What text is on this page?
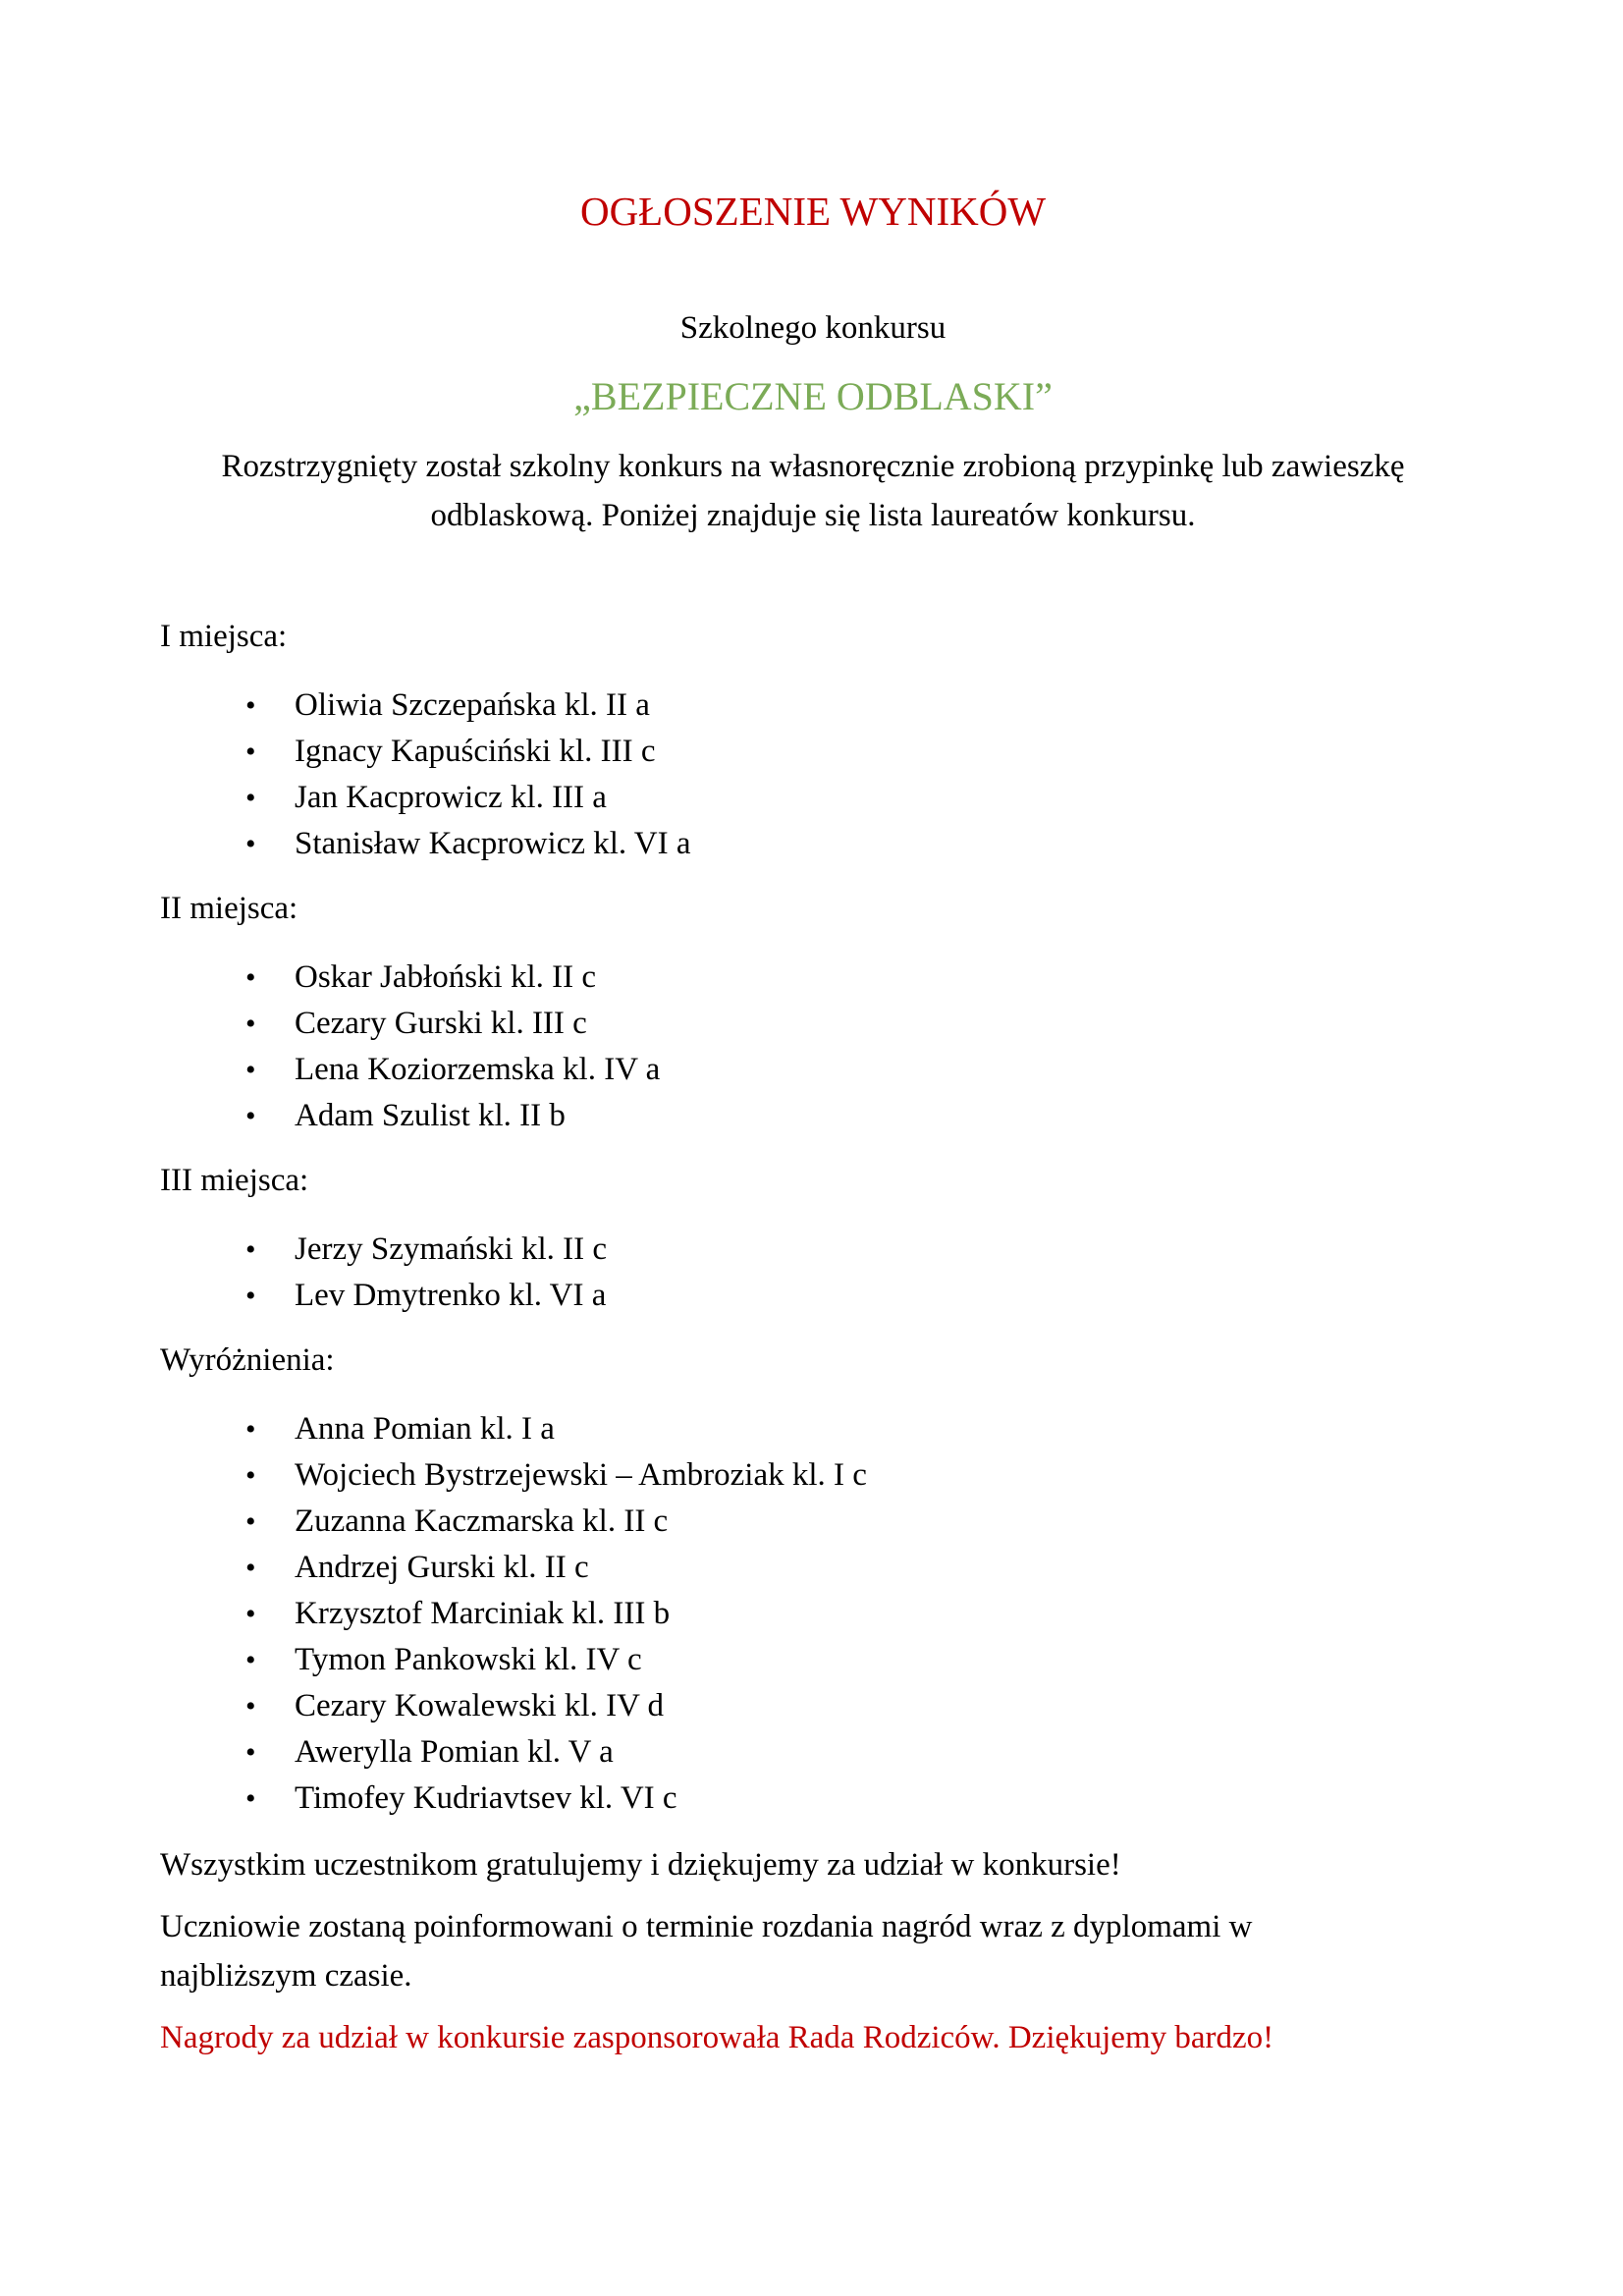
OGŁOSZENIE WYNIKÓW

Szkolnego konkursu

„BEZPIECZNE ODBLASKI”

Rozstrzygnięty został szkolny konkurs na własnoręcznie zrobioną przypinkę lub zawieszkę odblaskową. Poniżej znajduje się lista laureatów konkursu.

I miejsca:
•	Oliwia Szczepańska kl. II a
•	Ignacy Kapuściński kl. III c
•	Jan Kacprowicz kl. III a
•	Stanisław Kacprowicz kl. VI a
II miejsca:
•	Oskar Jabłoński kl. II c
•	Cezary Gurski kl. III c
•	Lena Koziorzemska kl. IV a
•	Adam Szulist kl. II b
III miejsca:
•	Jerzy Szymański kl. II c
•	Lev Dmytrenko kl. VI a
Wyróżnienia:
•	Anna Pomian kl. I a
•	Wojciech Bystrzejewski – Ambroziak kl. I c
•	Zuzanna Kaczmarska kl. II c
•	Andrzej Gurski kl. II c
•	Krzysztof Marciniak kl. III b
•	Tymon Pankowski kl. IV c
•	Cezary Kowalewski kl. IV d
•	Awerylla Pomian kl. V a
•	Timofey Kudriavtsev kl. VI c

Wszystkim uczestnikom gratulujemy i dziękujemy za udział w konkursie!

Uczniowie zostaną poinformowani o terminie rozdania nagród wraz z dyplomami w najbliższym czasie.

Nagrody za udział w konkursie zasponsorowała Rada Rodziców. Dziękujemy bardzo!
